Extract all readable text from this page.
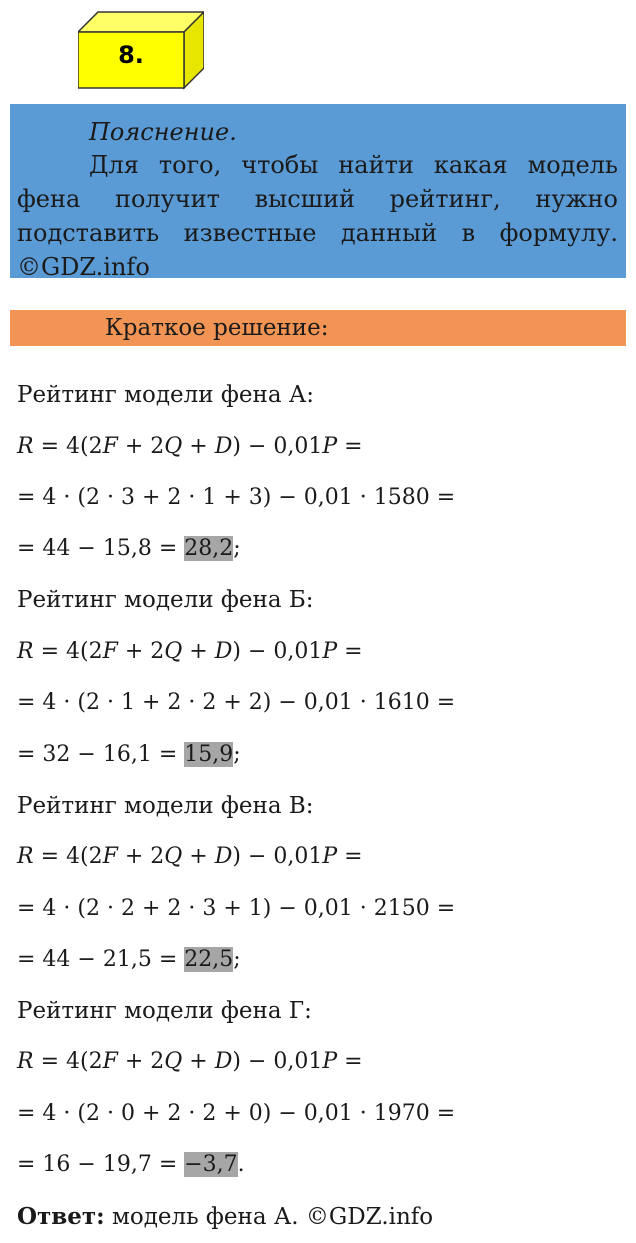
8.
Пояснение.
Для того, чтобы найти какая модель
фена получит высший рейтинг, нужно
подставить известные данный в формулу.
©GDZ.info
Краткое решение:
Рейтинг модели фена А:
R = 4(2F + 2Q + D) − 0,01P =
= 4 · (2 · 3 + 2 · 1 + 3) − 0,01 · 1580 =
= 44 − 15,8 = 28,2;
Рейтинг модели фена Б:
R = 4(2F + 2Q + D) − 0,01P =
= 4 · (2 · 1 + 2 · 2 + 2) − 0,01 · 1610 =
= 32 − 16,1 = 15,9;
Рейтинг модели фена В:
R = 4(2F + 2Q + D) − 0,01P =
= 4 · (2 · 2 + 2 · 3 + 1) − 0,01 · 2150 =
= 44 − 21,5 = 22,5;
Рейтинг модели фена Г:
R = 4(2F + 2Q + D) − 0,01P =
= 4 · (2 · 0 + 2 · 2 + 0) − 0,01 · 1970 =
= 16 − 19,7 = −3,7.
Ответ: модель фена А. ©GDZ.info
